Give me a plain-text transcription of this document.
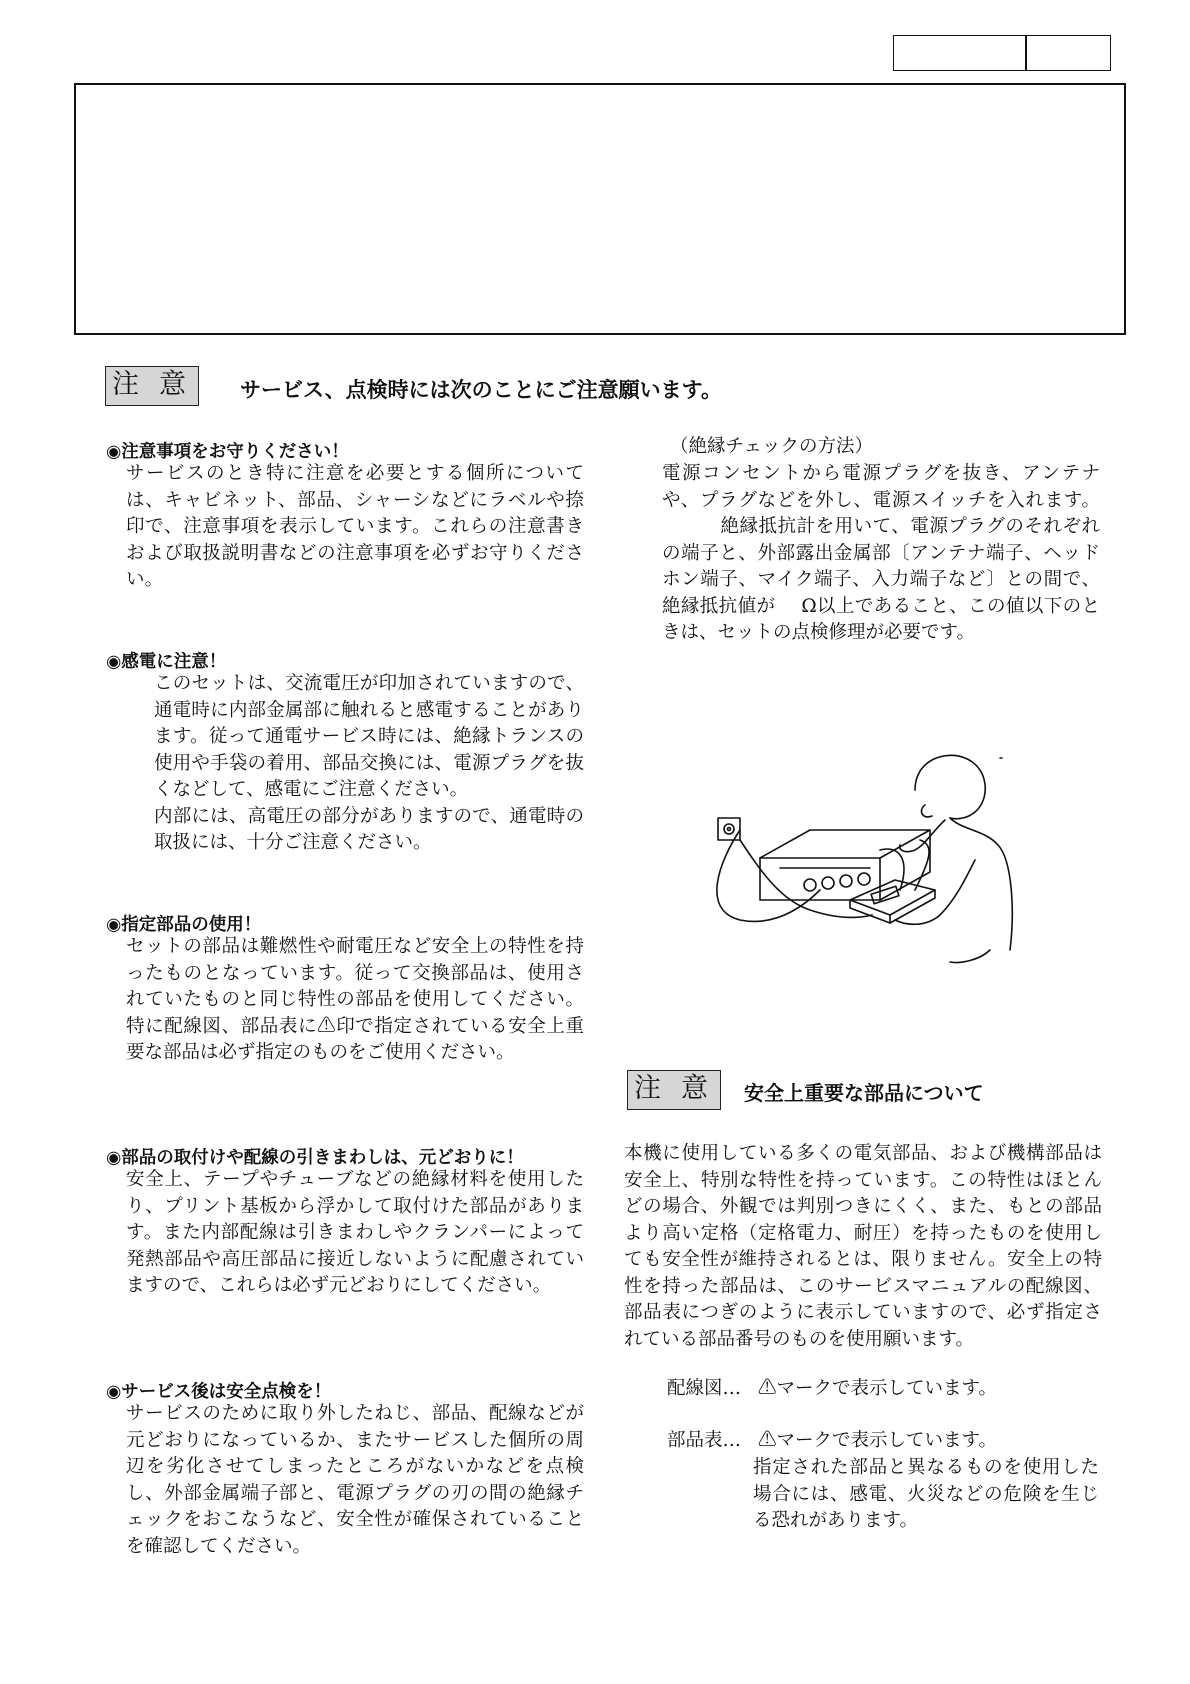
注意 サービス、点検時には次のことにご注意願います。
◉注意事項をお守りください！

サービスのとき特に注意を必要とする個所については、キャビネット、部品、シャーシなどにラベルや捺印で、注意事項を表示しています。これらの注意書きおよび取扱説明書などの注意事項を必ずお守りください。

◉感電に注意！

このセットは、交流電圧が印加されていますので、通電時に内部金属部に触れると感電することがあります。従って通電サービス時には、絶縁トランスの使用や手袋の着用、部品交換には、電源プラグを抜くなどして、感電にご注意ください。

内部には、高電圧の部分がありますので、通電時の取扱には、十分ご注意ください。

◉指定部品の使用！

セットの部品は難燃性や耐電圧など安全上の特性を持ったものとなっています。従って交換部品は、使用されていたものと同じ特性の部品を使用してください。特に配線図、部品表に⚠印で指定されている安全上重要な部品は必ず指定のものをご使用ください。

◉部品の取付けや配線の引きまわしは、元どおりに！

安全上、テープやチューブなどの絶縁材料を使用したり、プリント基板から浮かして取付けた部品があります。また内部配線は引きまわしやクランパーによって発熱部品や高圧部品に接近しないように配慮されていますので、これらは必ず元どおりにしてください。

◉サービス後は安全点検を！

サービスのために取り外したねじ、部品、配線などが元どおりになっているか、またサービスした個所の周辺を劣化させてしまったところがないかなどを点検し、外部金属端子部と、電源プラグの刃の間の絶縁チェックをおこなうなど、安全性が確保されていることを確認してください。

（絶縁チェックの方法）

電源コンセントから電源プラグを抜き、アンテナや、プラグなどを外し、電源スイッチを入れます。絶縁抵抗計を用いて、電源プラグのそれぞれの端子と、外部露出金属部〔アンテナ端子、ヘッドホン端子、マイク端子、入力端子など〕との間で、絶縁抵抗値が Ω以上であること、この値以下のときは、セットの点検修理が必要です。

注意 安全上重要な部品について

本機に使用している多くの電気部品、および機構部品は安全上、特別な特性を持っています。この特性はほとんどの場合、外観では判別つきにくく、また、もとの部品より高い定格（定格電力、耐圧）を持ったものを使用しても安全性が維持されるとは、限りません。安全上の特性を持った部品は、このサービスマニュアルの配線図、部品表につぎのように表示していますので、必ず指定されている部品番号のものを使用願います。

配線図… ⚠マークで表示しています。
部品表… ⚠マークで表示しています。

指定された部品と異なるものを使用した場合には、感電、火災などの危険を生じる恐れがあります。
